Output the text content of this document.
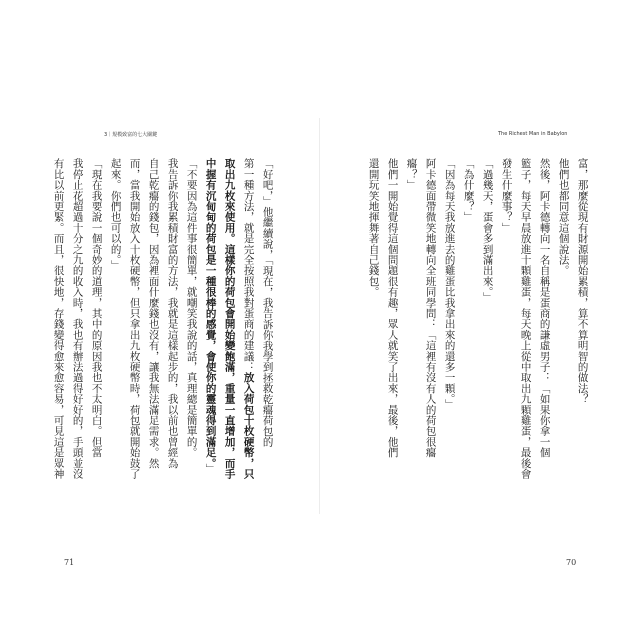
3｜規模致富的七大關鍵	The Richest Man in Babylon
富，那麼從現有財源開始累積，算不算明智的做法？
他們也都同意這個說法。
然後，阿卡德轉向一名自稱是蛋商的謙虛男子：「如果你拿一個
籃子，每天早晨放進十顆雞蛋，每天晚上從中取出九顆雞蛋，最後會
發生什麼事？」
「過幾天，蛋會多到滿出來。」
「為什麼？」
「因為每天我放進去的雞蛋比我拿出來的還多一顆。」
阿卡德面帶微笑地轉向全班同學問：「這裡有沒有人的荷包很癟
癟？」
他們一開始覺得這個問題很有趣，眾人就笑了出來，最後，他們
還開玩笑地揮舞著自己錢包。
「好吧，」他繼續說，「現在，我告訴你我學到拯救乾癟荷包的
第一種方法，就是完全按照我對蛋商的建議：放入荷包十枚硬幣，只
取出九枚來使用。這樣你的荷包會開始變飽滿，重量一直增加，而手
中握有沉甸甸的荷包是一種很棒的感覺，會使你的靈魂得到滿足。」
「不要因為這件事很簡單，就嘲笑我說的話，真理總是簡單的。
我告訴你我累積財富的方法，我就是這樣起步的，我以前也曾經為
自己乾癟的錢包，因為裡面什麼錢也沒有，讓我無法滿足需求。然
而，當我開始放入十枚硬幣，但只拿出九枚硬幣時，荷包就開始鼓了
起來。你們也可以的。」
「現在我要說一個奇妙的道理，其中的原因我也不太明白。但當
我停止花超過十分之九的收入時，我也有辦法過得好好的，手頭並沒
有比以前更緊。而且，很快地，存錢變得愈來愈容易，可見這是眾神
71	70
